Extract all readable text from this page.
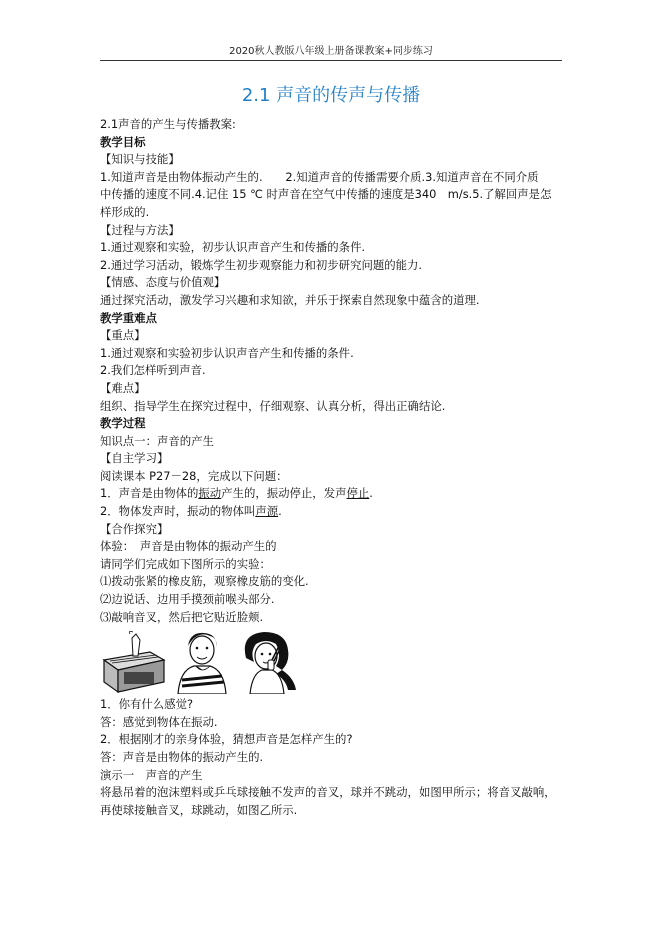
2020秋人教版八年级上册备课教案+同步练习
2.1 声音的传声与传播
2.1声音的产生与传播教案:
教学目标
【知识与技能】
1.知道声音是由物体振动产生的.　　2.知道声音的传播需要介质.3.知道声音在不同介质
中传播的速度不同.4.记住 15 ℃ 时声音在空气中传播的速度是340　m/s.5.了解回声是怎
样形成的.
【过程与方法】
1.通过观察和实验，初步认识声音产生和传播的条件.
2.通过学习活动，锻炼学生初步观察能力和初步研究问题的能力.
【情感、态度与价值观】
通过探究活动，激发学习兴趣和求知欲，并乐于探索自然现象中蕴含的道理.
教学重难点
【重点】
1.通过观察和实验初步认识声音产生和传播的条件.
2.我们怎样听到声音.
【难点】
组织、指导学生在探究过程中，仔细观察、认真分析，得出正确结论.
教学过程
知识点一：声音的产生
【自主学习】
阅读课本 P27－28，完成以下问题：
1．声音是由物体的振动产生的，振动停止，发声停止.
2．物体发声时，振动的物体叫声源.
【合作探究】
体验：　声音是由物体的振动产生的
请同学们完成如下图所示的实验：
⑴拨动张紧的橡皮筋，观察橡皮筋的变化.
⑵边说话、边用手摸颈前喉头部分.
⑶敲响音叉，然后把它贴近脸颊.
1．你有什么感觉?
答：感觉到物体在振动.
2．根据刚才的亲身体验，猜想声音是怎样产生的?
答：声音是由物体的振动产生的.
演示一　声音的产生
将悬吊着的泡沫塑料或乒乓球接触不发声的音叉，球并不跳动，如图甲所示；将音叉敲响，
再使球接触音叉，球跳动，如图乙所示.
